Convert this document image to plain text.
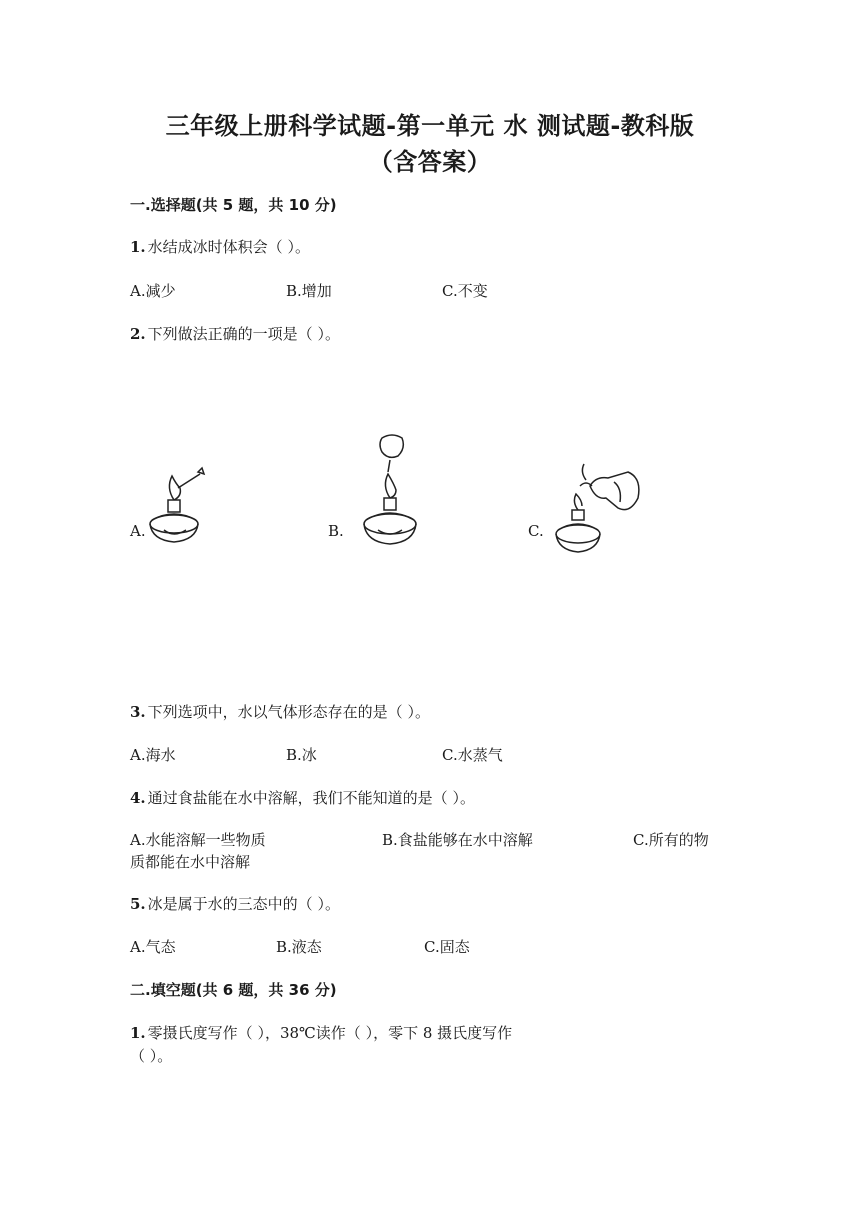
三年级上册科学试题-第一单元 水 测试题-教科版
（含答案）
一.选择题(共 5 题，共 10 分)
1. 水结成冰时体积会（ ）。
A.减少	B.增加	C.不变
2. 下列做法正确的一项是（ ）。
A.	B.	C.
3. 下列选项中，水以气体形态存在的是（ ）。
A.海水	B.冰	C.水蒸气
4. 通过食盐能在水中溶解，我们不能知道的是（ ）。
A.水能溶解一些物质	B.食盐能够在水中溶解	C.所有的物
质都能在水中溶解
5. 冰是属于水的三态中的（ ）。
A.气态	B.液态	C.固态
二.填空题(共 6 题，共 36 分)
1. 零摄氏度写作（ ），38℃读作（ ），零下 8 摄氏度写作
（ ）。
